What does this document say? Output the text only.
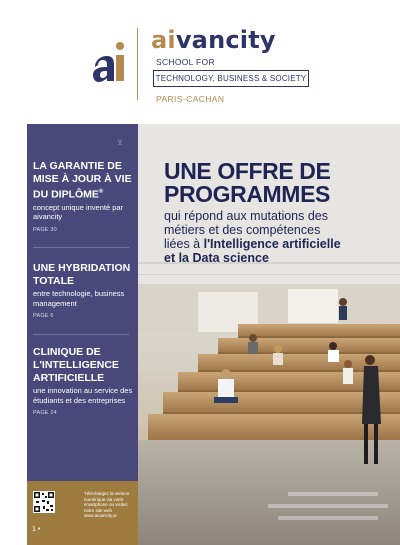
aivancity
SCHOOL FOR
TECHNOLOGY, BUSINESS & SOCIETY
PARIS-CACHAN
⊻
LA GARANTIE DE MISE À JOUR À VIE DU DIPLÔME®
concept unique inventé par aivancity
PAGE 30
UNE HYBRIDATION TOTALE
entre technologie, business management
PAGE 6
CLINIQUE DE L'INTELLIGENCE ARTIFICIELLE
une innovation au service des étudiants et des entreprises
PAGE 24
Téléchargez la version numérique via votre smartphone ou visitez notre site web www.aivancity.ai
1 •
UNE OFFRE DE
PROGRAMMES
qui répond aux mutations des
métiers et des compétences
liées à l'Intelligence artificielle
et la Data science
